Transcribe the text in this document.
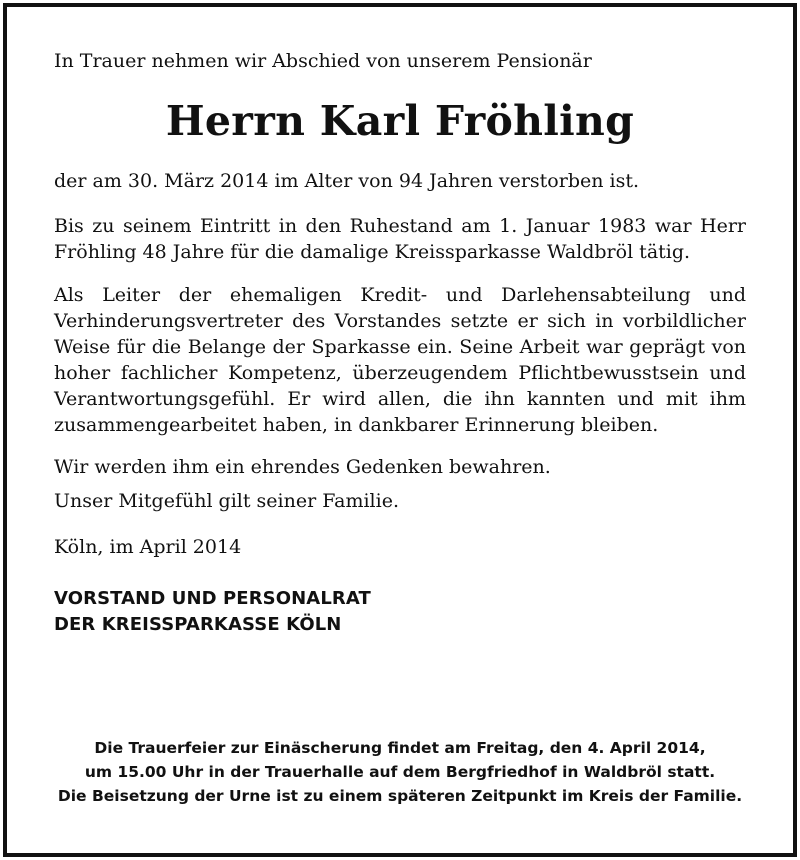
In Trauer nehmen wir Abschied von unserem Pensionär

Herrn Karl Fröhling

der am 30. März 2014 im Alter von 94 Jahren verstorben ist.

Bis zu seinem Eintritt in den Ruhestand am 1. Januar 1983 war Herr Fröhling 48 Jahre für die damalige Kreissparkasse Waldbröl tätig.

Als Leiter der ehemaligen Kredit- und Darlehensabteilung und Verhinderungsvertreter des Vorstandes setzte er sich in vorbildlicher Weise für die Belange der Sparkasse ein. Seine Arbeit war geprägt von hoher fachlicher Kompetenz, überzeugendem Pflichtbewusstsein und Verantwortungsgefühl. Er wird allen, die ihn kannten und mit ihm zusammengearbeitet haben, in dankbarer Erinnerung bleiben.

Wir werden ihm ein ehrendes Gedenken bewahren.

Unser Mitgefühl gilt seiner Familie.

Köln, im April 2014

VORSTAND UND PERSONALRAT
DER KREISSPARKASSE KÖLN
Die Trauerfeier zur Einäscherung findet am Freitag, den 4. April 2014,
um 15.00 Uhr in der Trauerhalle auf dem Bergfriedhof in Waldbröl statt.
Die Beisetzung der Urne ist zu einem späteren Zeitpunkt im Kreis der Familie.
